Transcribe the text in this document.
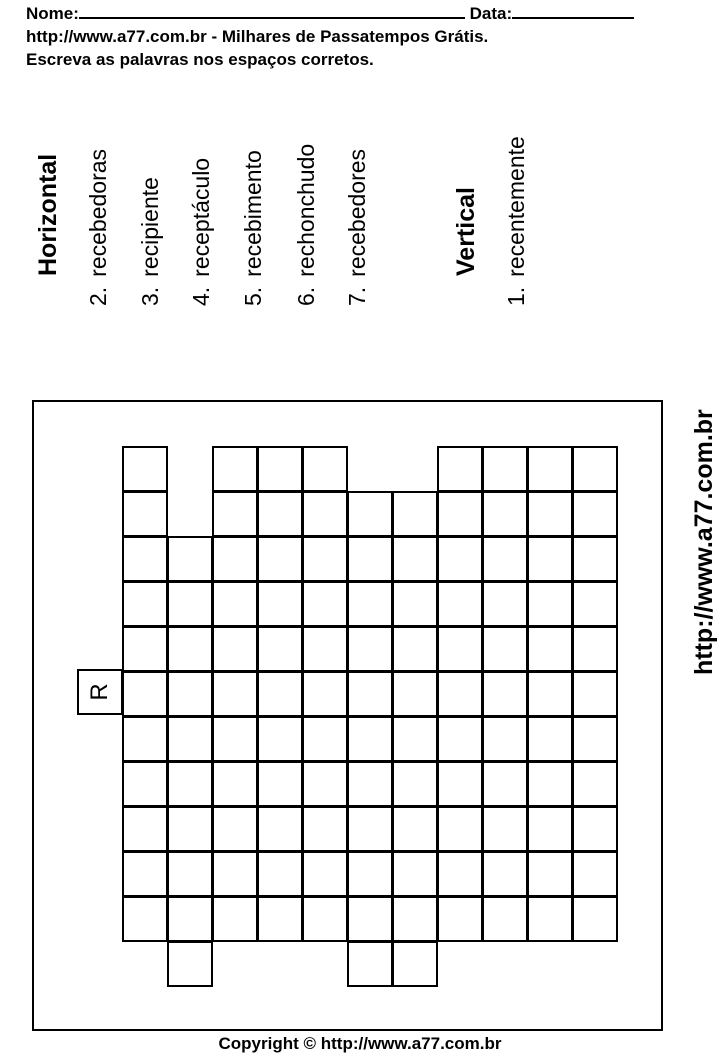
Nome:	Data:
http://www.a77.com.br - Milhares de Passatempos Grátis.
Escreva as palavras nos espaços corretos.
Horizontal
2.recebedoras
3.recipiente
4.receptáculo
5.recebimento
6.rechonchudo
7.recebedores	Vertical
1.recentemente
R
http://www.a77.com.br
Copyright © http://www.a77.com.br
